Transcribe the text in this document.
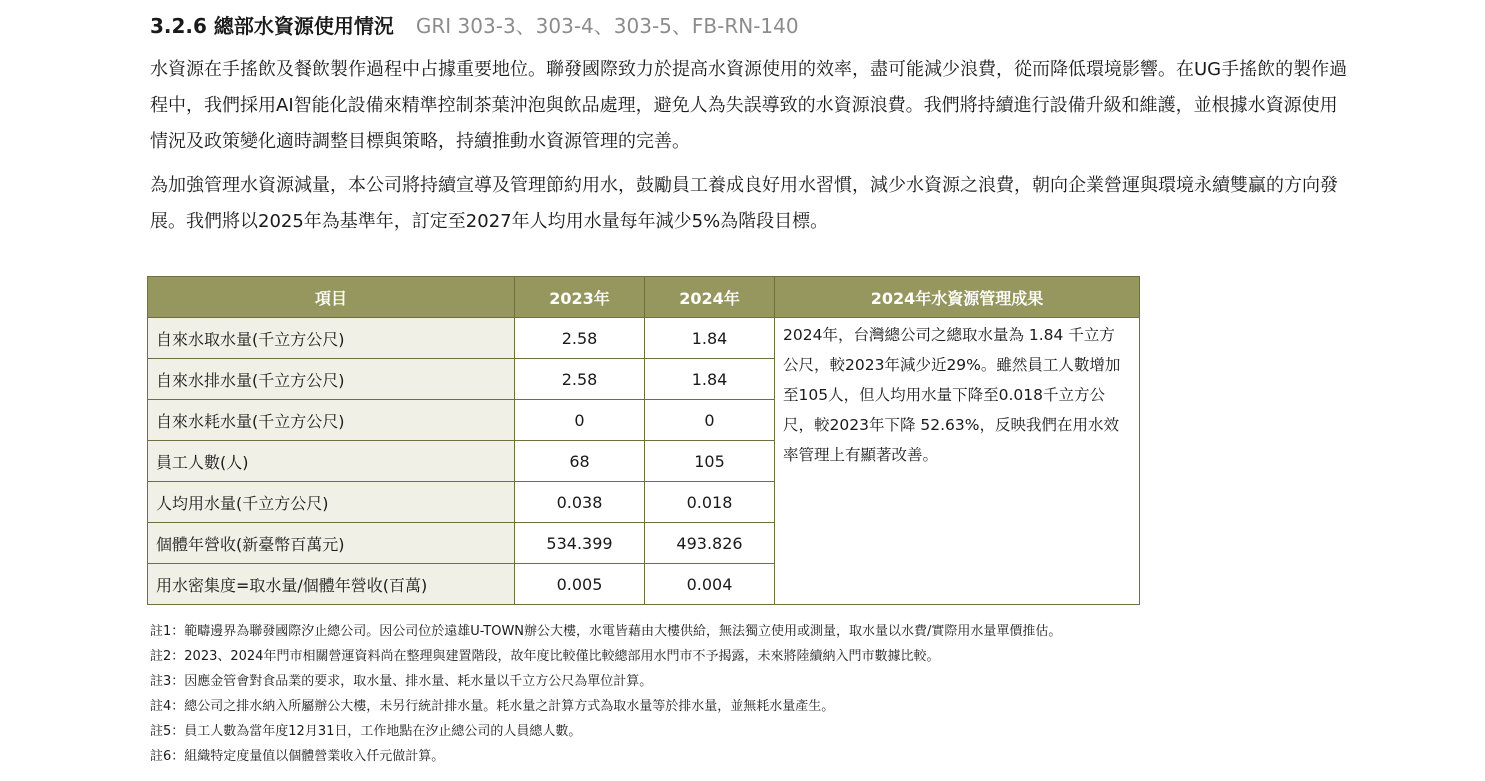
3.2.6 總部水資源使用情況 GRI 303-3、303-4、303-5、FB-RN-140

水資源在手搖飲及餐飲製作過程中占據重要地位。聯發國際致力於提高水資源使用的效率，盡可能減少浪費，從而降低環境影響。在UG手搖飲的製作過程中，我們採用AI智能化設備來精準控制茶葉沖泡與飲品處理，避免人為失誤導致的水資源浪費。我們將持續進行設備升級和維護，並根據水資源使用情況及政策變化適時調整目標與策略，持續推動水資源管理的完善。

為加強管理水資源減量，本公司將持續宣導及管理節約用水，鼓勵員工養成良好用水習慣，減少水資源之浪費，朝向企業營運與環境永續雙贏的方向發展。我們將以2025年為基準年，訂定至2027年人均用水量每年減少5%為階段目標。

項目	2023年	2024年	2024年水資源管理成果
自來水取水量(千立方公尺)	2.58	1.84	2024年，台灣總公司之總取水量為 1.84 千立方公尺，較2023年減少近29%。雖然員工人數增加至105人，但人均用水量下降至0.018千立方公尺，較2023年下降 52.63%，反映我們在用水效率管理上有顯著改善。
自來水排水量(千立方公尺)	2.58	1.84	
自來水耗水量(千立方公尺)	0	0	
員工人數(人)	68	105	
人均用水量(千立方公尺)	0.038	0.018	
個體年營收(新臺幣百萬元)	534.399	493.826	
用水密集度=取水量/個體年營收(百萬)	0.005	0.004	
註1：範疇邊界為聯發國際汐止總公司。因公司位於遠雄U-TOWN辦公大樓，水電皆藉由大樓供給，無法獨立使用或測量，取水量以水費/實際用水量單價推估。
註2：2023、2024年門市相關營運資料尚在整理與建置階段，故年度比較僅比較總部用水門市不予揭露，未來將陸續納入門市數據比較。
註3：因應金管會對食品業的要求，取水量、排水量、耗水量以千立方公尺為單位計算。
註4：總公司之排水納入所屬辦公大樓，未另行統計排水量。耗水量之計算方式為取水量等於排水量，並無耗水量產生。
註5：員工人數為當年度12月31日，工作地點在汐止總公司的人員總人數。
註6：組織特定度量值以個體營業收入仟元做計算。
